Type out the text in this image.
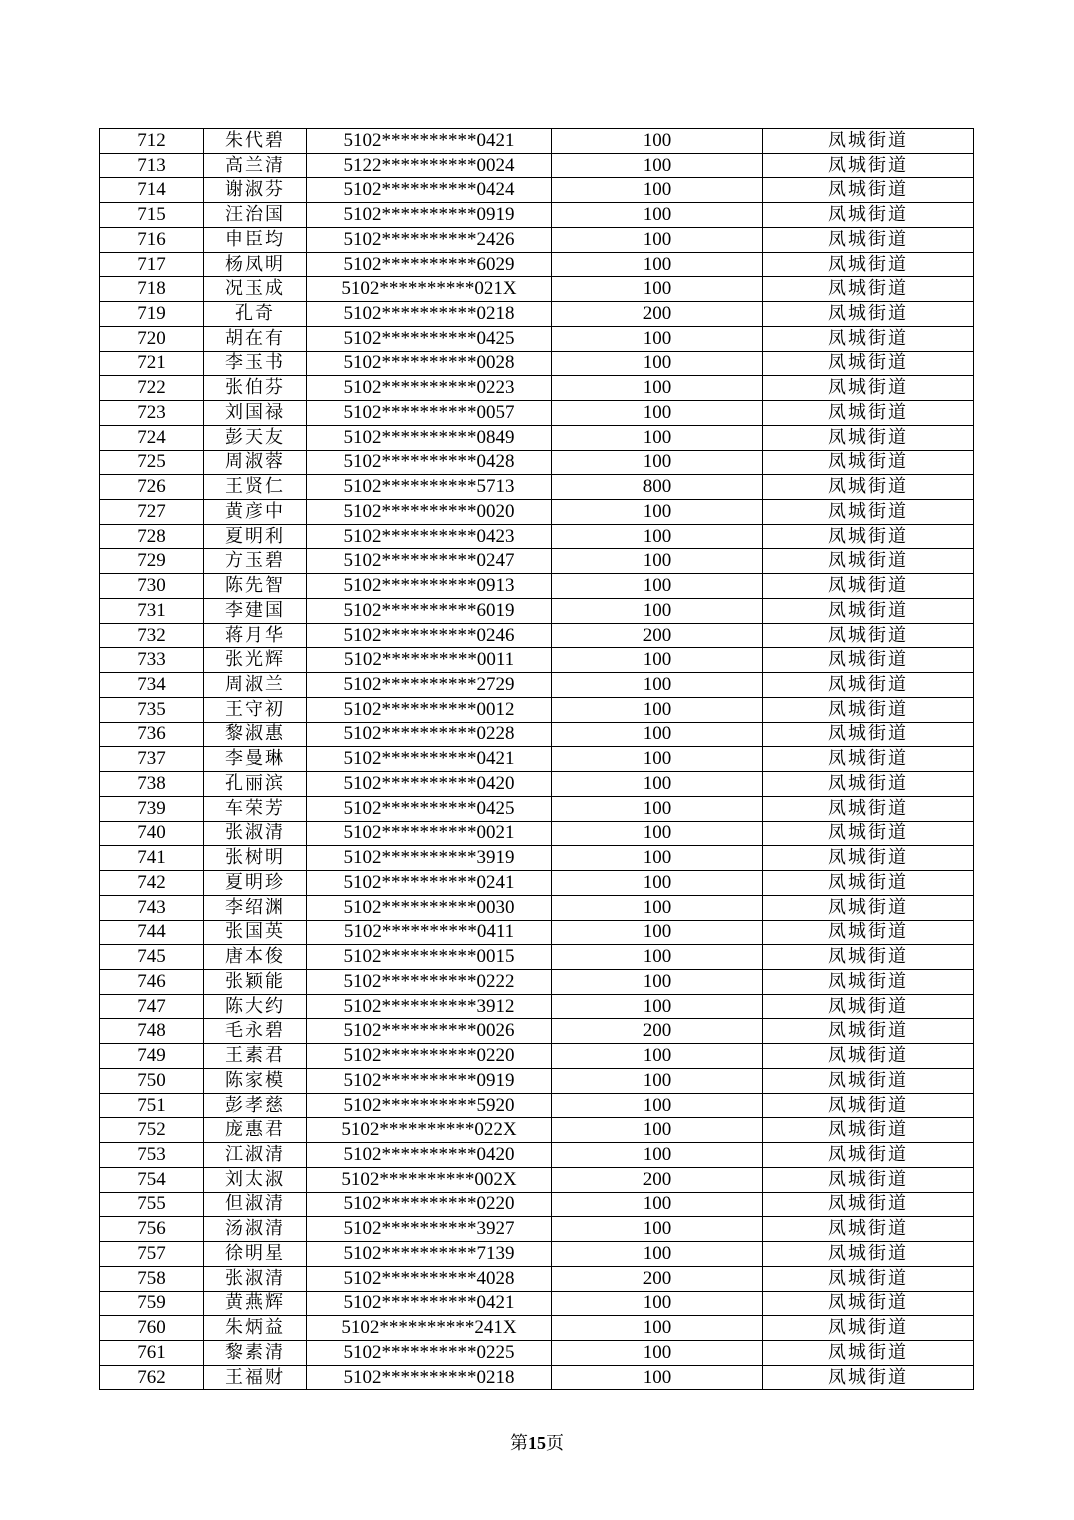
712	朱代碧	5102**********0421	100	凤城街道
713	高兰清	5122**********0024	100	凤城街道
714	谢淑芬	5102**********0424	100	凤城街道
715	汪治国	5102**********0919	100	凤城街道
716	申臣均	5102**********2426	100	凤城街道
717	杨凤明	5102**********6029	100	凤城街道
718	况玉成	5102**********021X	100	凤城街道
719	孔奇	5102**********0218	200	凤城街道
720	胡在有	5102**********0425	100	凤城街道
721	李玉书	5102**********0028	100	凤城街道
722	张伯芬	5102**********0223	100	凤城街道
723	刘国禄	5102**********0057	100	凤城街道
724	彭天友	5102**********0849	100	凤城街道
725	周淑蓉	5102**********0428	100	凤城街道
726	王贤仁	5102**********5713	800	凤城街道
727	黄彦中	5102**********0020	100	凤城街道
728	夏明利	5102**********0423	100	凤城街道
729	方玉碧	5102**********0247	100	凤城街道
730	陈先智	5102**********0913	100	凤城街道
731	李建国	5102**********6019	100	凤城街道
732	蒋月华	5102**********0246	200	凤城街道
733	张光辉	5102**********0011	100	凤城街道
734	周淑兰	5102**********2729	100	凤城街道
735	王守初	5102**********0012	100	凤城街道
736	黎淑惠	5102**********0228	100	凤城街道
737	李曼琳	5102**********0421	100	凤城街道
738	孔丽滨	5102**********0420	100	凤城街道
739	车荣芳	5102**********0425	100	凤城街道
740	张淑清	5102**********0021	100	凤城街道
741	张树明	5102**********3919	100	凤城街道
742	夏明珍	5102**********0241	100	凤城街道
743	李绍渊	5102**********0030	100	凤城街道
744	张国英	5102**********0411	100	凤城街道
745	唐本俊	5102**********0015	100	凤城街道
746	张颖能	5102**********0222	100	凤城街道
747	陈大约	5102**********3912	100	凤城街道
748	毛永碧	5102**********0026	200	凤城街道
749	王素君	5102**********0220	100	凤城街道
750	陈家模	5102**********0919	100	凤城街道
751	彭孝慈	5102**********5920	100	凤城街道
752	庞惠君	5102**********022X	100	凤城街道
753	江淑清	5102**********0420	100	凤城街道
754	刘太淑	5102**********002X	200	凤城街道
755	但淑清	5102**********0220	100	凤城街道
756	汤淑清	5102**********3927	100	凤城街道
757	徐明星	5102**********7139	100	凤城街道
758	张淑清	5102**********4028	200	凤城街道
759	黄燕辉	5102**********0421	100	凤城街道
760	朱炳益	5102**********241X	100	凤城街道
761	黎素清	5102**********0225	100	凤城街道
762	王福财	5102**********0218	100	凤城街道
第15页
